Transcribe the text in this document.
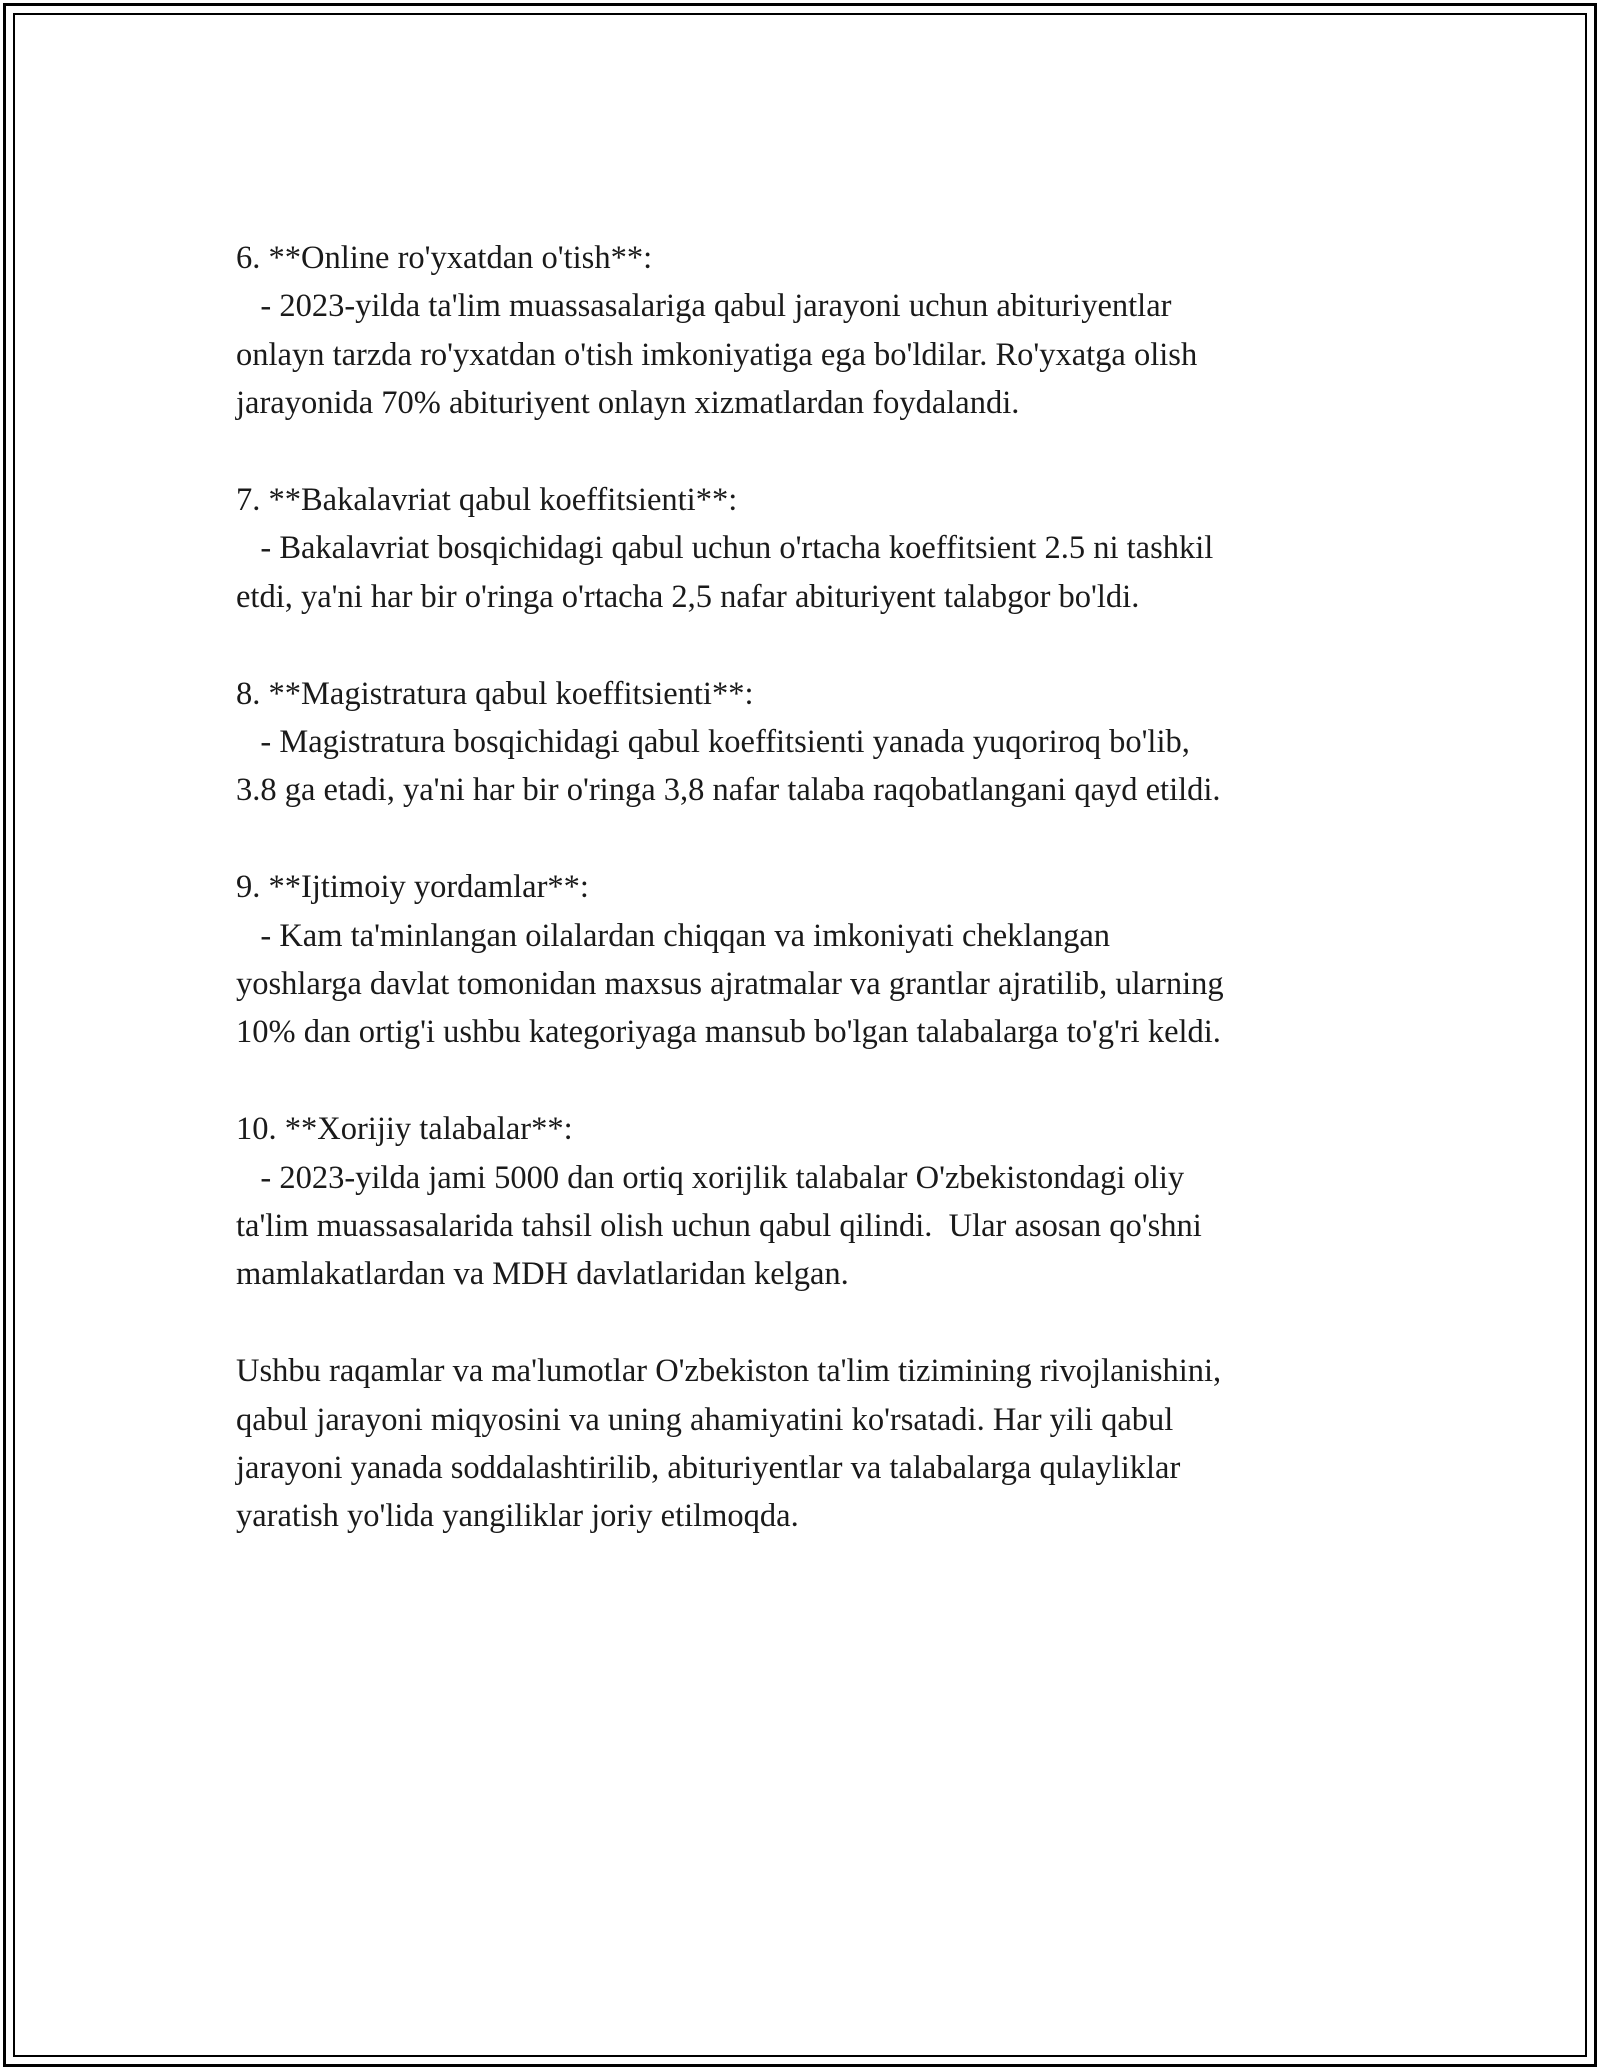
6. **Online ro'yxatdan o'tish**:
- 2023-yilda ta'lim muassasalariga qabul jarayoni uchun abituriyentlar
onlayn tarzda ro'yxatdan o'tish imkoniyatiga ega bo'ldilar. Ro'yxatga olish
jarayonida 70% abituriyent onlayn xizmatlardan foydalandi.
7. **Bakalavriat qabul koeffitsienti**:
- Bakalavriat bosqichidagi qabul uchun o'rtacha koeffitsient 2.5 ni tashkil
etdi, ya'ni har bir o'ringa o'rtacha 2,5 nafar abituriyent talabgor bo'ldi.
8. **Magistratura qabul koeffitsienti**:
- Magistratura bosqichidagi qabul koeffitsienti yanada yuqoriroq bo'lib,
3.8 ga etadi, ya'ni har bir o'ringa 3,8 nafar talaba raqobatlangani qayd etildi.
9. **Ijtimoiy yordamlar**:
- Kam ta'minlangan oilalardan chiqqan va imkoniyati cheklangan
yoshlarga davlat tomonidan maxsus ajratmalar va grantlar ajratilib, ularning
10% dan ortig'i ushbu kategoriyaga mansub bo'lgan talabalarga to'g'ri keldi.
10. **Xorijiy talabalar**:
- 2023-yilda jami 5000 dan ortiq xorijlik talabalar O'zbekistondagi oliy
ta'lim muassasalarida tahsil olish uchun qabul qilindi.  Ular asosan qo'shni
mamlakatlardan va MDH davlatlaridan kelgan.
Ushbu raqamlar va ma'lumotlar O'zbekiston ta'lim tizimining rivojlanishini,
qabul jarayoni miqyosini va uning ahamiyatini ko'rsatadi. Har yili qabul
jarayoni yanada soddalashtirilib, abituriyentlar va talabalarga qulayliklar
yaratish yo'lida yangiliklar joriy etilmoqda.
